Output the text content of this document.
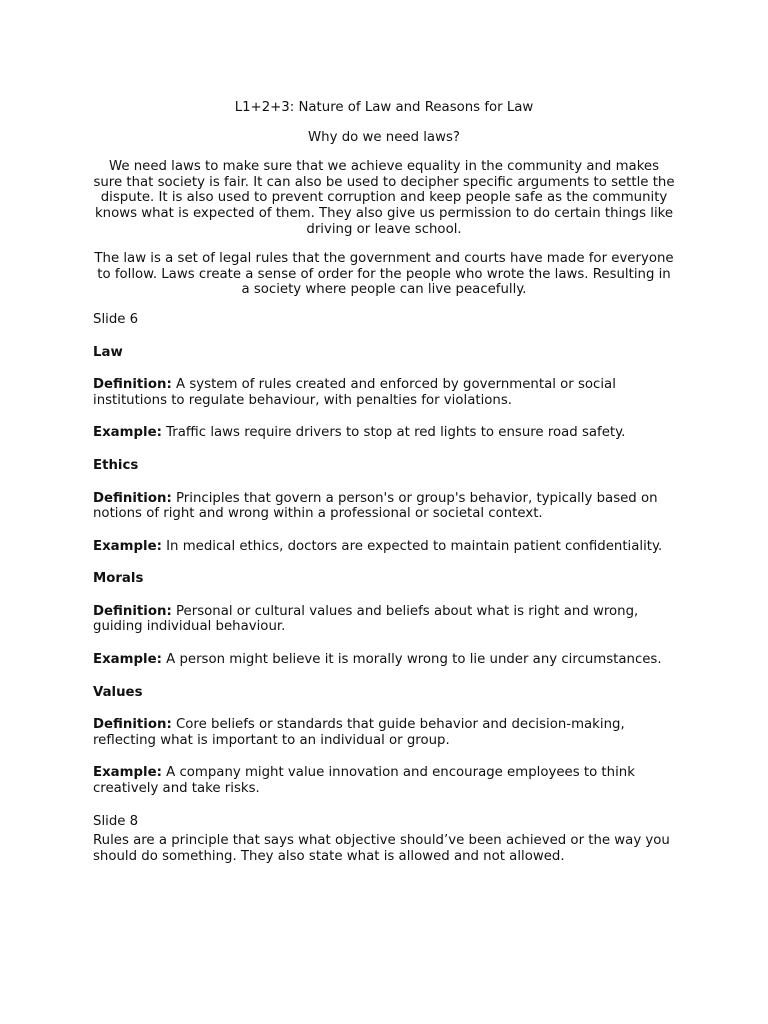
L1+2+3: Nature of Law and Reasons for Law

Why do we need laws?

We need laws to make sure that we achieve equality in the community and makes sure that society is fair. It can also be used to decipher specific arguments to settle the dispute. It is also used to prevent corruption and keep people safe as the community knows what is expected of them. They also give us permission to do certain things like driving or leave school.

The law is a set of legal rules that the government and courts have made for everyone to follow. Laws create a sense of order for the people who wrote the laws. Resulting in a society where people can live peacefully.

Slide 6

Law

Definition: A system of rules created and enforced by governmental or social institutions to regulate behaviour, with penalties for violations.

Example: Traffic laws require drivers to stop at red lights to ensure road safety.

Ethics

Definition: Principles that govern a person's or group's behavior, typically based on notions of right and wrong within a professional or societal context.

Example: In medical ethics, doctors are expected to maintain patient confidentiality.

Morals

Definition: Personal or cultural values and beliefs about what is right and wrong, guiding individual behaviour.

Example: A person might believe it is morally wrong to lie under any circumstances.

Values

Definition: Core beliefs or standards that guide behavior and decision-making, reflecting what is important to an individual or group.

Example: A company might value innovation and encourage employees to think creatively and take risks.

Slide 8

Rules are a principle that says what objective should’ve been achieved or the way you should do something. They also state what is allowed and not allowed.
